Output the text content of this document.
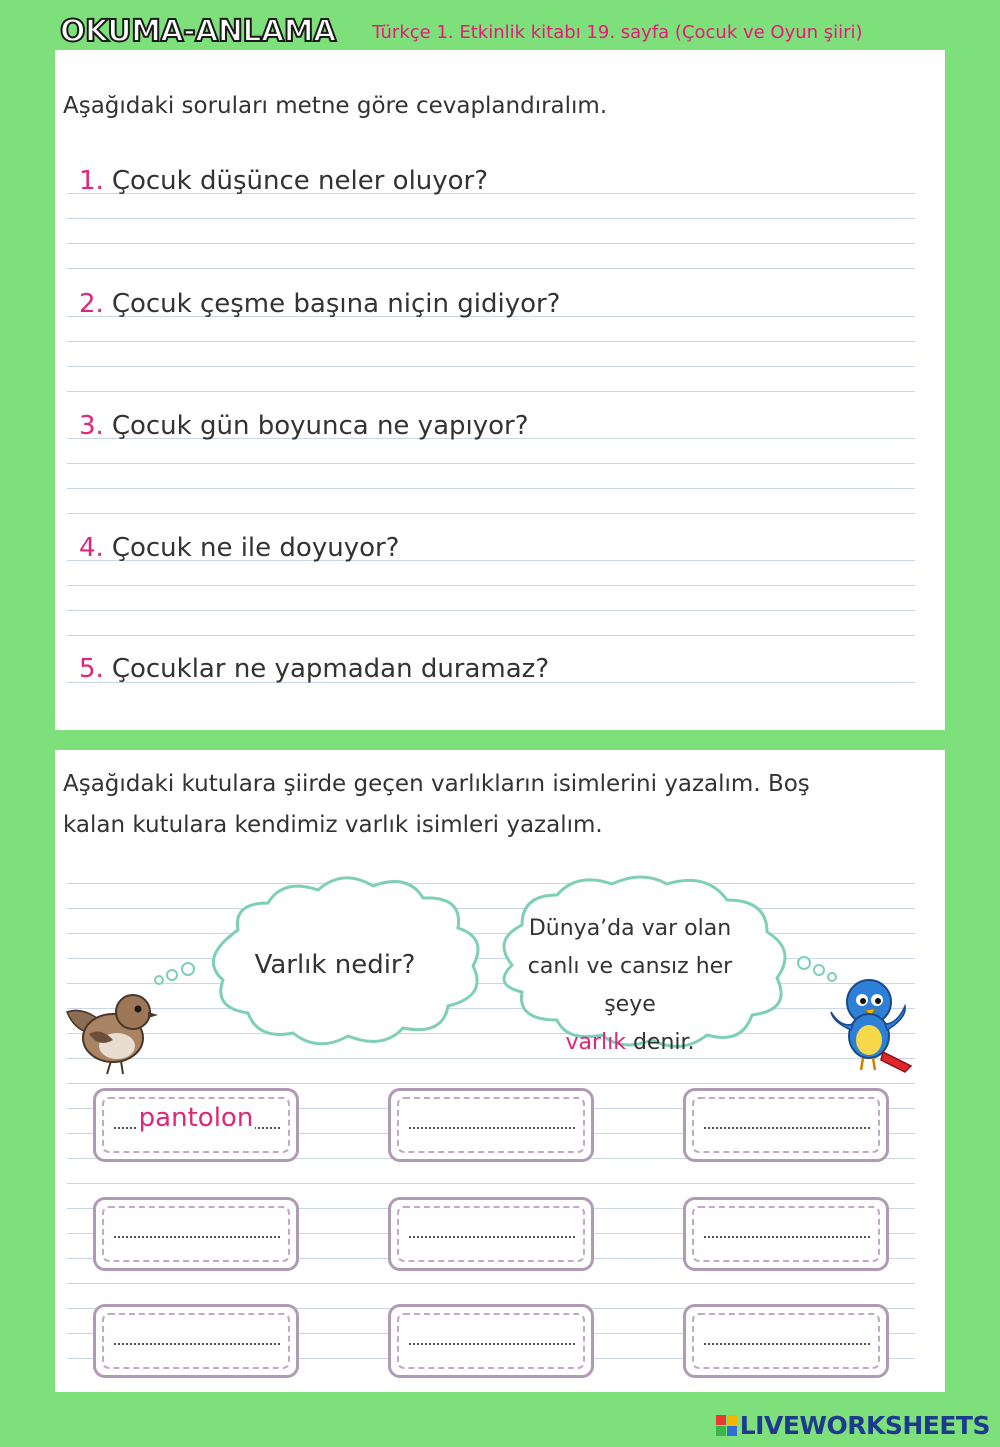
OKUMA-ANLAMA Türkçe 1. Etkinlik kitabı 19. sayfa (Çocuk ve Oyun şiiri)
Aşağıdaki soruları metne göre cevaplandıralım.
1. Çocuk düşünce neler oluyor?
2. Çocuk çeşme başına niçin gidiyor?
3. Çocuk gün boyunca ne yapıyor?
4. Çocuk ne ile doyuyor?
5. Çocuklar ne yapmadan duramaz?
Aşağıdaki kutulara şiirde geçen varlıkların isimlerini yazalım. Boş
kalan kutulara kendimiz varlık isimleri yazalım.
Varlık nedir?
Dünya’da var olan
canlı ve cansız her şeye
varlık denir.
pantolon
LIVEWORKSHEETS
